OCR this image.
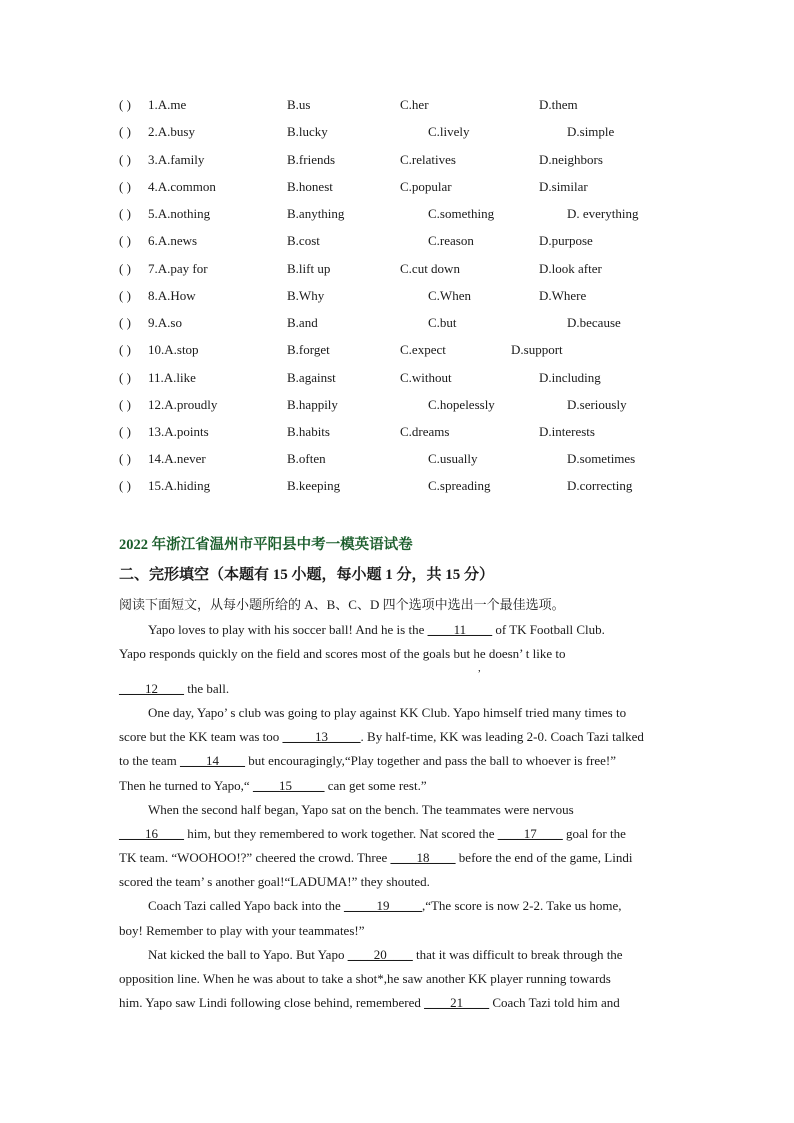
( ) 1.A.me	B.us	C.her	D.them
( ) 2.A.busy	B.lucky	C.lively	D.simple
( ) 3.A.family	B.friends	C.relatives	D.neighbors
( ) 4.A.common	B.honest	C.popular	D.similar
( ) 5.A.nothing	B.anything	C.something	D. everything
( ) 6.A.news	B.cost	C.reason	D.purpose
( ) 7.A.pay for	B.lift up	C.cut down	D.look after
( ) 8.A.How	B.Why	C.When	D.Where
( ) 9.A.so	B.and	C.but	D.because
( ) 10.A.stop	B.forget	C.expect	D.support
( ) 11.A.like	B.against	C.without	D.including
( ) 12.A.proudly	B.happily	C.hopelessly	D.seriously
( ) 13.A.points	B.habits	C.dreams	D.interests
( ) 14.A.never	B.often	C.usually	D.sometimes
( ) 15.A.hiding	B.keeping	C.spreading	D.correcting
2022 年浙江省温州市平阳县中考一模英语试卷
二、完形填空（本题有 15 小题，每小题 1 分，共 15 分）
阅读下面短文，从每小题所给的 A、B、C、D 四个选项中选出一个最佳选项。
Yapo loves to play with his soccer ball! And he is the ____11____ of TK Football Club.
Yapo responds quickly on the field and scores most of the goals but he doesn’ t like to
,
____12____ the ball.
One day, Yapo’ s club was going to play against KK Club. Yapo himself tried many times to
score but the KK team was too _____13_____. By half-time, KK was leading 2-0. Coach Tazi talked
to the team ____14____ but encouragingly,“Play together and pass the ball to whoever is free!”
Then he turned to Yapo,“ ____15_____ can get some rest.”
When the second half began, Yapo sat on the bench. The teammates were nervous
____16____ him, but they remembered to work together. Nat scored the ____17____ goal for the
TK team. “WOOHOO!?” cheered the crowd. Three ____18____ before the end of the game, Lindi
scored the team’ s another goal!“LADUMA!” they shouted.
Coach Tazi called Yapo back into the _____19_____,“The score is now 2-2. Take us home,
boy! Remember to play with your teammates!”
Nat kicked the ball to Yapo. But Yapo ____20____ that it was difficult to break through the
opposition line. When he was about to take a shot*,he saw another KK player running towards
him. Yapo saw Lindi following close behind, remembered ____21____ Coach Tazi told him and
